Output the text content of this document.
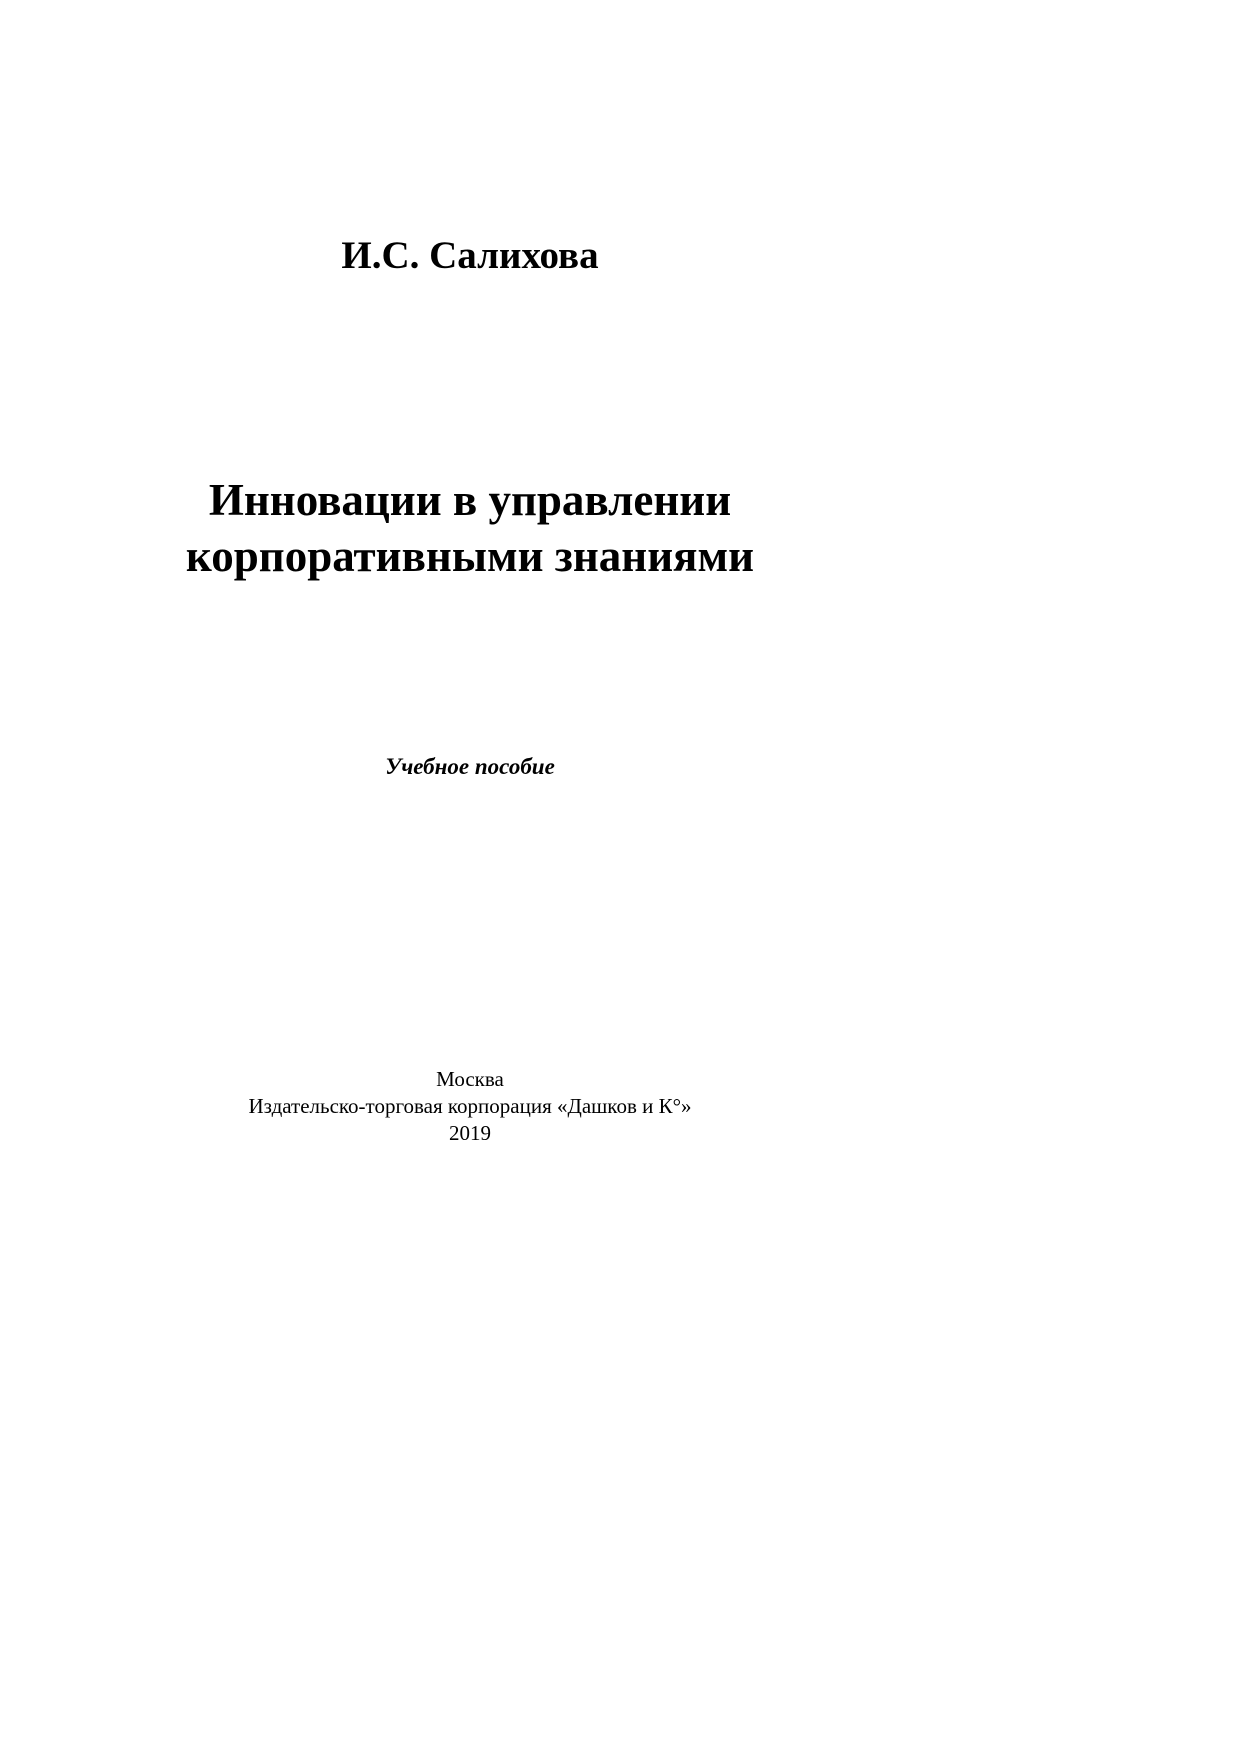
И.С. Салихова
Инновации в управлении
корпоративными знаниями
Учебное пособие
Москва
Издательско-торговая корпорация «Дашков и К°»
2019
